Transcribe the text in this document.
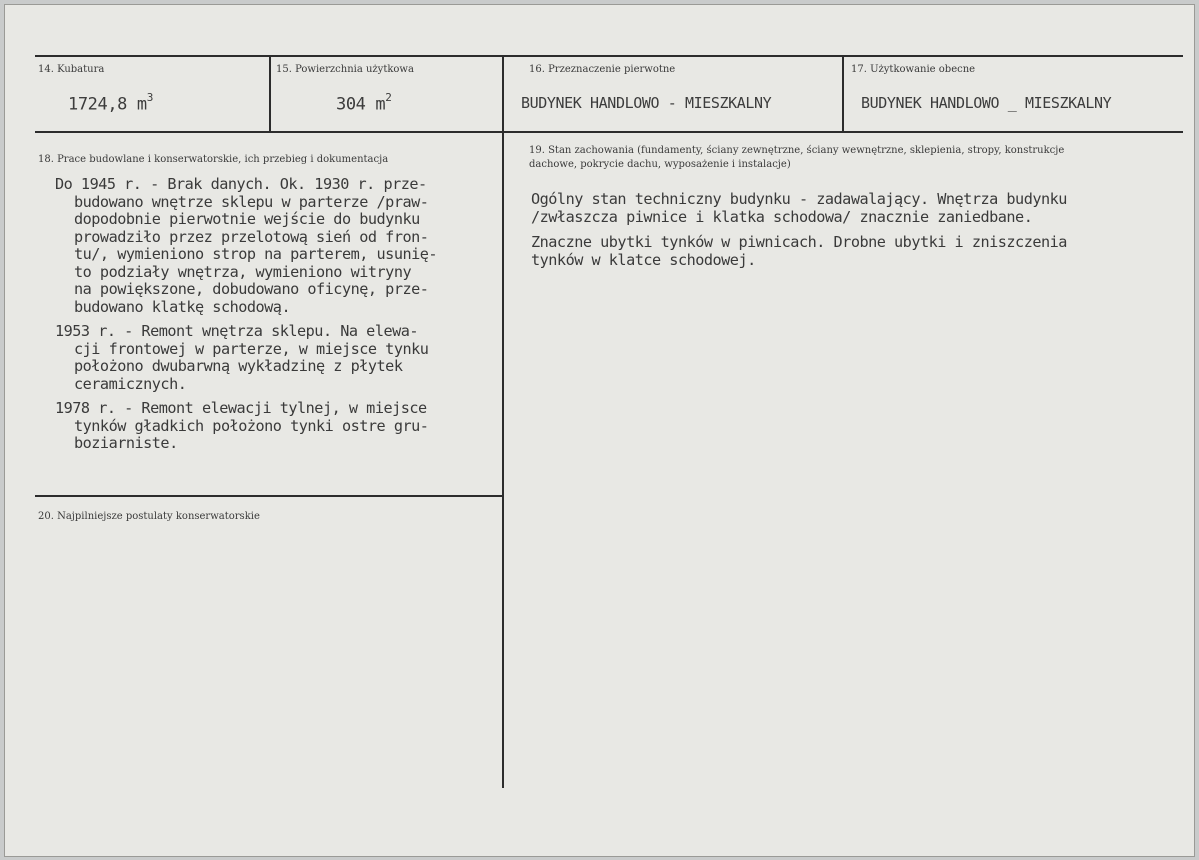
14. Kubatura
1724,8 $m^3$
15. Powierzchnia użytkowa
304 $m^2$
16. Przeznaczenie pierwotne
BUDYNEK HANDLOWO - MIESZKALNY
17. Użytkowanie obecne
BUDYNEK HANDLOWO _ MIESZKALNY
18. Prace budowlane i konserwatorskie, ich przebieg i dokumentacja
Do 1945 r. - Brak danych. Ok. 1930 r. prze-
budowano wnętrze sklepu w parterze /praw-
dopodobnie pierwotnie wejście do budynku
prowadziło przez przelotową sień od fron-
tu/, wymieniono strop na parterem, usunię-
to podziały wnętrza, wymieniono witryny
na powiększone, dobudowano oficynę, prze-
budowano klatkę schodową.
1953 r. - Remont wnętrza sklepu. Na elewa-
cji frontowej w parterze, w miejsce tynku
położono dwubarwną wykładzinę z płytek
ceramicznych.
1978 r. - Remont elewacji tylnej, w miejsce
tynków gładkich położono tynki ostre gru-
boziarniste.
19. Stan zachowania (fundamenty, ściany zewnętrzne, ściany wewnętrzne, sklepienia, stropy, konstrukcje dachowe, pokrycie dachu, wyposażenie i instalacje)
Ogólny stan techniczny budynku - zadawalający. Wnętrza budynku
/zwłaszcza piwnice i klatka schodowa/ znacznie zaniedbane.
Znaczne ubytki tynków w piwnicach. Drobne ubytki i zniszczenia
tynków w klatce schodowej.
20. Najpilniejsze postulaty konserwatorskie
